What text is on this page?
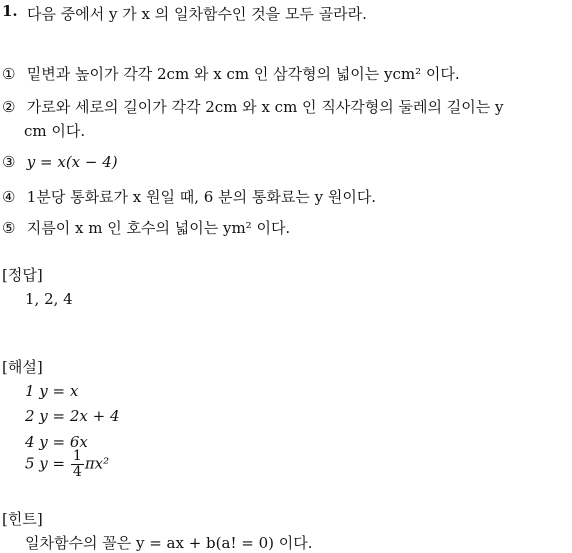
1. 다음 중에서 y 가 x 의 일차함수인 것을 모두 골라라.
① 밑변과 높이가 각각 2cm 와 x cm 인 삼각형의 넓이는 ycm² 이다.
② 가로와 세로의 길이가 각각 2cm 와 x cm 인 직사각형의 둘레의 길이는 y
cm 이다.
③ y = x(x − 4)
④ 1분당 통화료가 x 원일 때, 6 분의 통화료는 y 원이다.
⑤ 지름이 x m 인 호수의 넓이는 ym² 이다.
[정답]
1, 2, 4
[해설]
1 y = x
2 y = 2x + 4
4 y = 6x
5 $y = \frac{1}{4} \pi x^2$
[힌트]
일차함수의 꼴은 y = ax + b(a! = 0) 이다.
